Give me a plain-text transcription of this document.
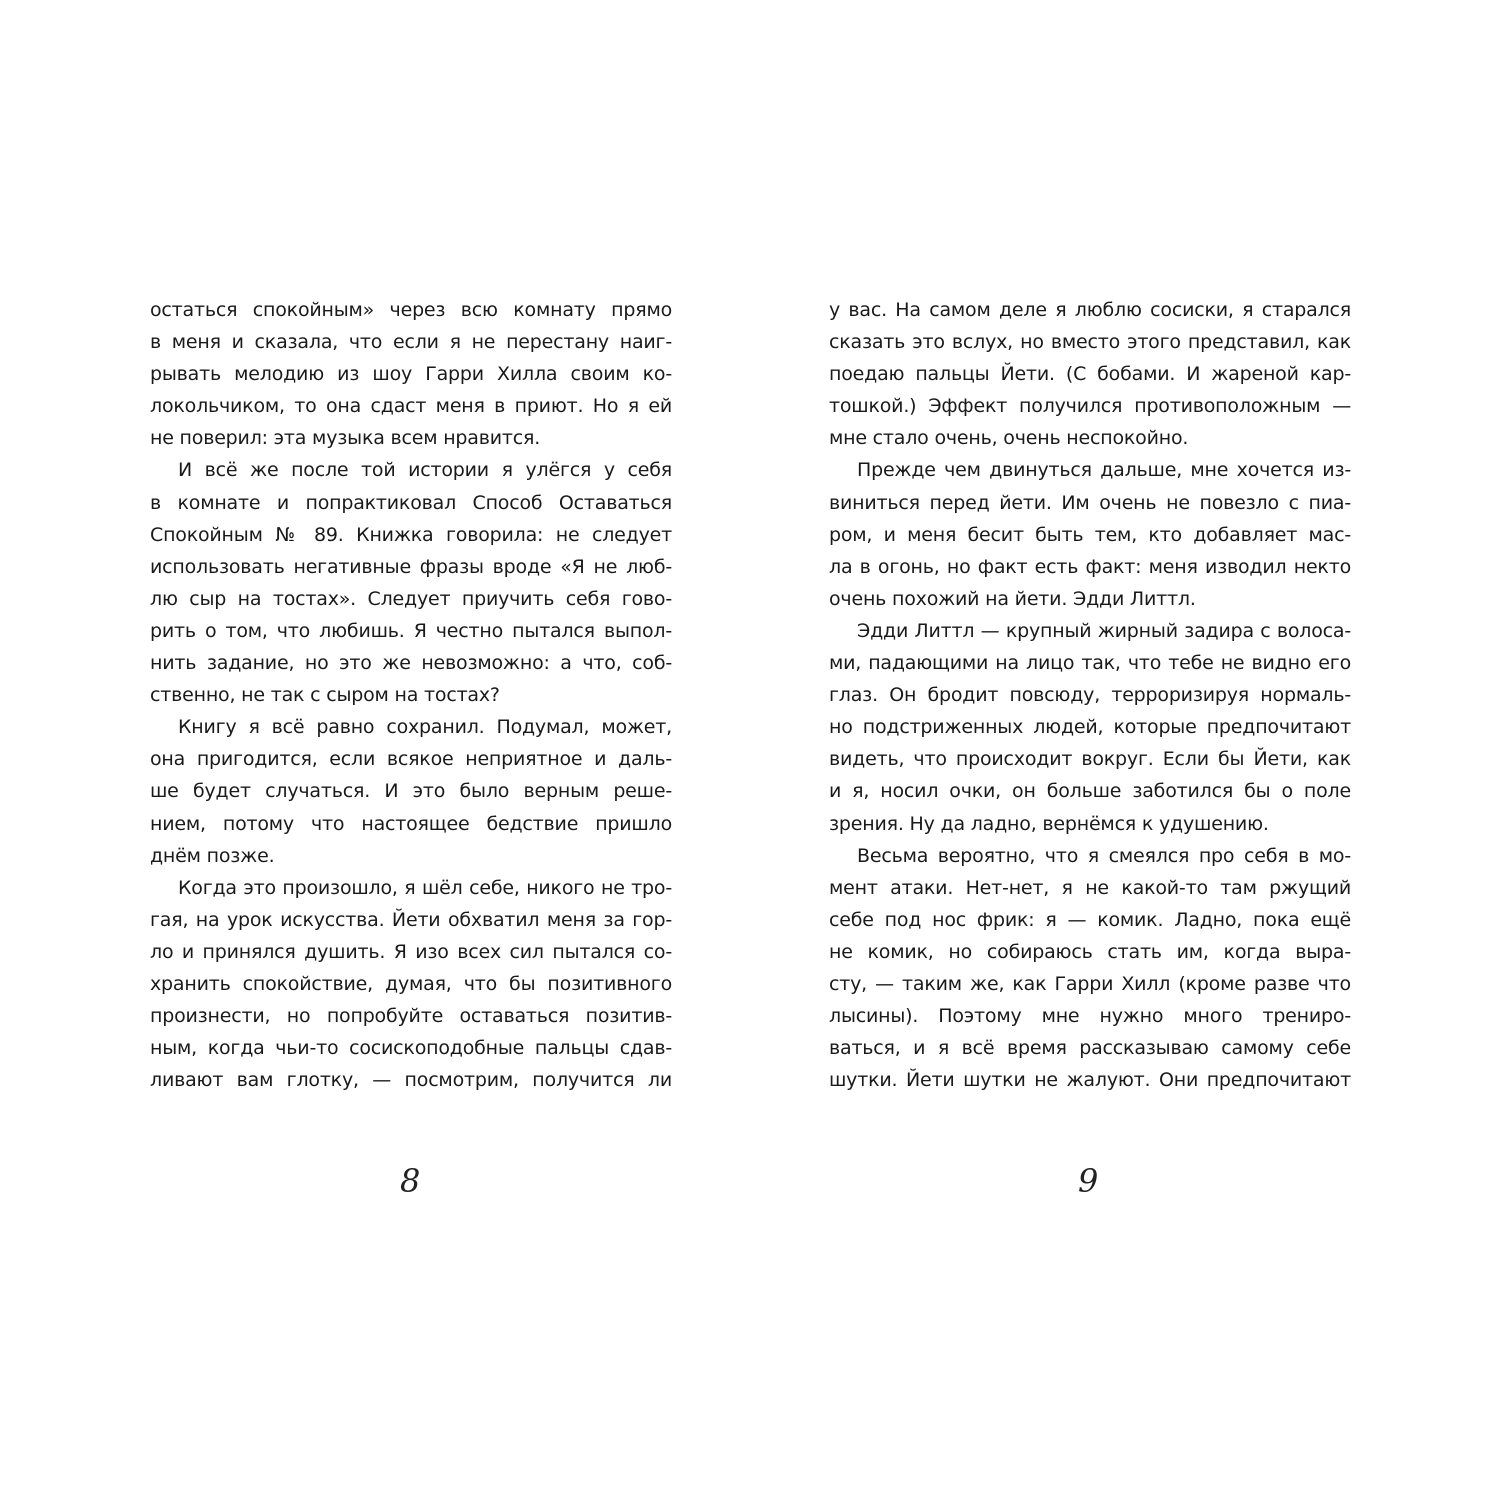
остаться спокойным» через всю комнату прямо
в меня и сказала, что если я не перестану наиг-
рывать мелодию из шоу Гарри Хилла своим ко-
локольчиком, то она сдаст меня в приют. Но я ей
не поверил: эта музыка всем нравится.
И всё же после той истории я улёгся у себя
в комнате и попрактиковал Способ Оставаться
Спокойным № 89. Книжка говорила: не следует
использовать негативные фразы вроде «Я не люб-
лю сыр на тостах». Следует приучить себя гово-
рить о том, что любишь. Я честно пытался выпол-
нить задание, но это же невозможно: а что, соб-
ственно, не так с сыром на тостах?
Книгу я всё равно сохранил. Подумал, может,
она пригодится, если всякое неприятное и даль-
ше будет случаться. И это было верным реше-
нием, потому что настоящее бедствие пришло
днём позже.
Когда это произошло, я шёл себе, никого не тро-
гая, на урок искусства. Йети обхватил меня за гор-
ло и принялся душить. Я изо всех сил пытался со-
хранить спокойствие, думая, что бы позитивного
произнести, но попробуйте оставаться позитив-
ным, когда чьи-то сосископодобные пальцы сдав-
ливают вам глотку, — посмотрим, получится ли
8
у вас. На самом деле я люблю сосиски, я старался
сказать это вслух, но вместо этого представил, как
поедаю пальцы Йети. (С бобами. И жареной кар-
тошкой.) Эффект получился противоположным —
мне стало очень, очень неспокойно.
Прежде чем двинуться дальше, мне хочется из-
виниться перед йети. Им очень не повезло с пиа-
ром, и меня бесит быть тем, кто добавляет мас-
ла в огонь, но факт есть факт: меня изводил некто
очень похожий на йети. Эдди Литтл.
Эдди Литтл — крупный жирный задира с волоса-
ми, падающими на лицо так, что тебе не видно его
глаз. Он бродит повсюду, терроризируя нормаль-
но подстриженных людей, которые предпочитают
видеть, что происходит вокруг. Если бы Йети, как
и я, носил очки, он больше заботился бы о поле
зрения. Ну да ладно, вернёмся к удушению.
Весьма вероятно, что я смеялся про себя в мо-
мент атаки. Нет-нет, я не какой-то там ржущий
себе под нос фрик: я — комик. Ладно, пока ещё
не комик, но собираюсь стать им, когда выра-
сту, — таким же, как Гарри Хилл (кроме разве что
лысины). Поэтому мне нужно много трениро-
ваться, и я всё время рассказываю самому себе
шутки. Йети шутки не жалуют. Они предпочитают
9
